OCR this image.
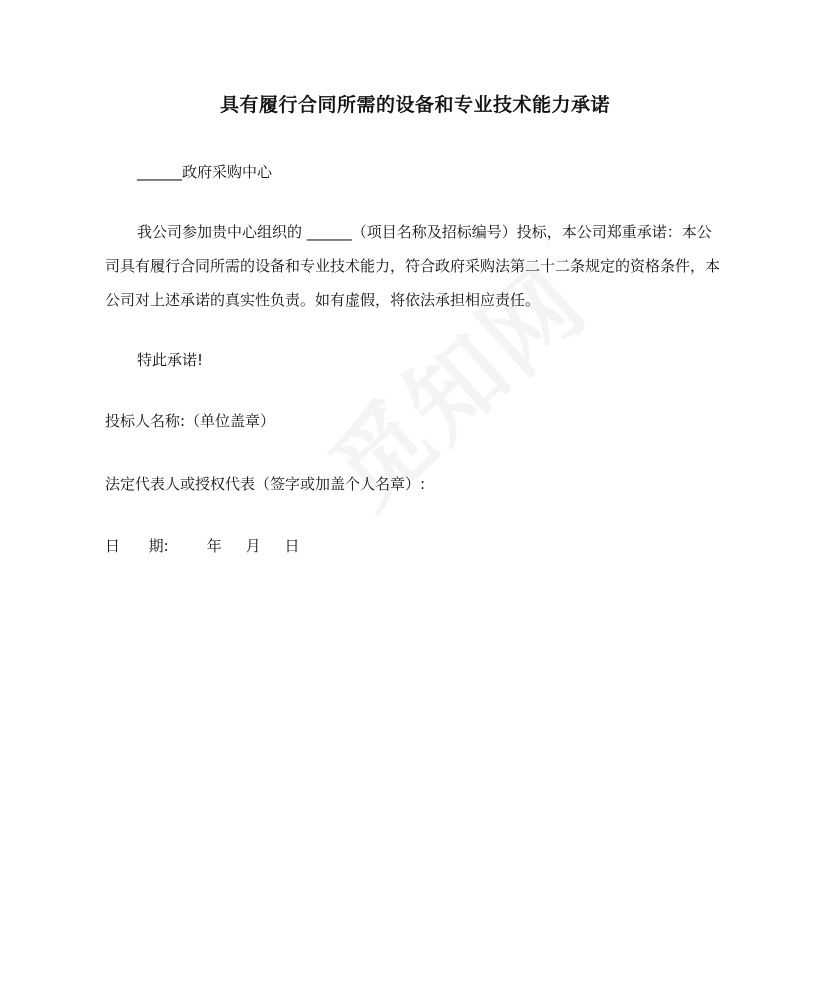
具有履行合同所需的设备和专业技术能力承诺
______政府采购中心
我公司参加贵中心组织的 ______（项目名称及招标编号）投标，本公司郑重承诺：本公司具有履行合同所需的设备和专业技术能力，符合政府采购法第二十二条规定的资格条件，本公司对上述承诺的真实性负责。如有虚假，将依法承担相应责任。
特此承诺!
投标人名称:（单位盖章）
法定代表人或授权代表（签字或加盖个人名章）:
日      期:        年     月     日
